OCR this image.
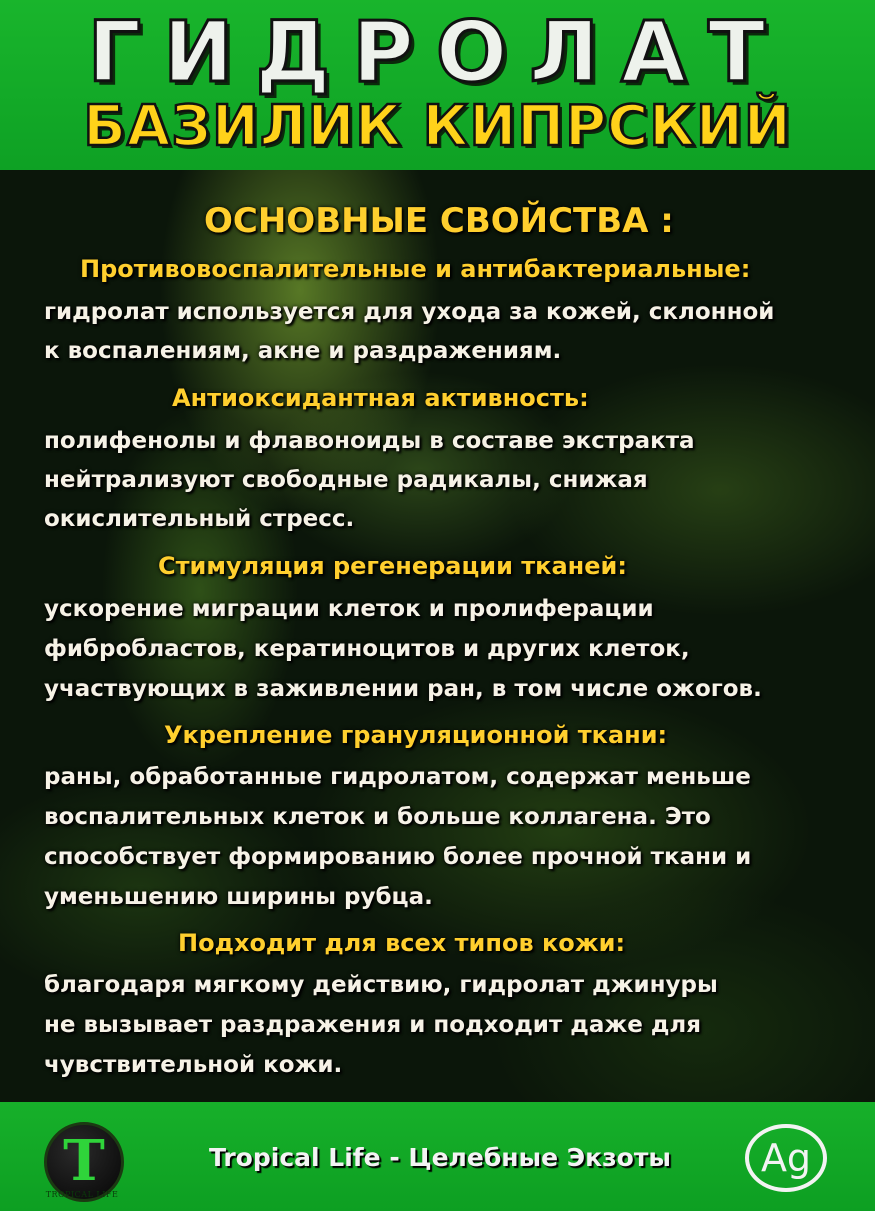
ГИДРОЛАТ
БАЗИЛИК КИПРСКИЙ
ОСНОВНЫЕ СВОЙСТВА :
Противовоспалительные и антибактериальные:
гидролат используется для ухода за кожей, склонной
к воспалениям, акне и раздражениям.
Антиоксидантная активность:
полифенолы и флавоноиды в составе экстракта
нейтрализуют свободные радикалы, снижая
окислительный стресс.
Стимуляция регенерации тканей:
ускорение миграции клеток и пролиферации
фибробластов, кератиноцитов и других клеток,
участвующих в заживлении ран, в том числе ожогов.
Укрепление грануляционной ткани:
раны, обработанные гидролатом, содержат меньше
воспалительных клеток и больше коллагена. Это
способствует формированию более прочной ткани и
уменьшению ширины рубца.
Подходит для всех типов кожи:
благодаря мягкому действию, гидролат джинуры
не вызывает раздражения и подходит даже для
чувствительной кожи.
T
TROPICAL LIFE
Tropical Life - Целебные Экзоты	Ag
